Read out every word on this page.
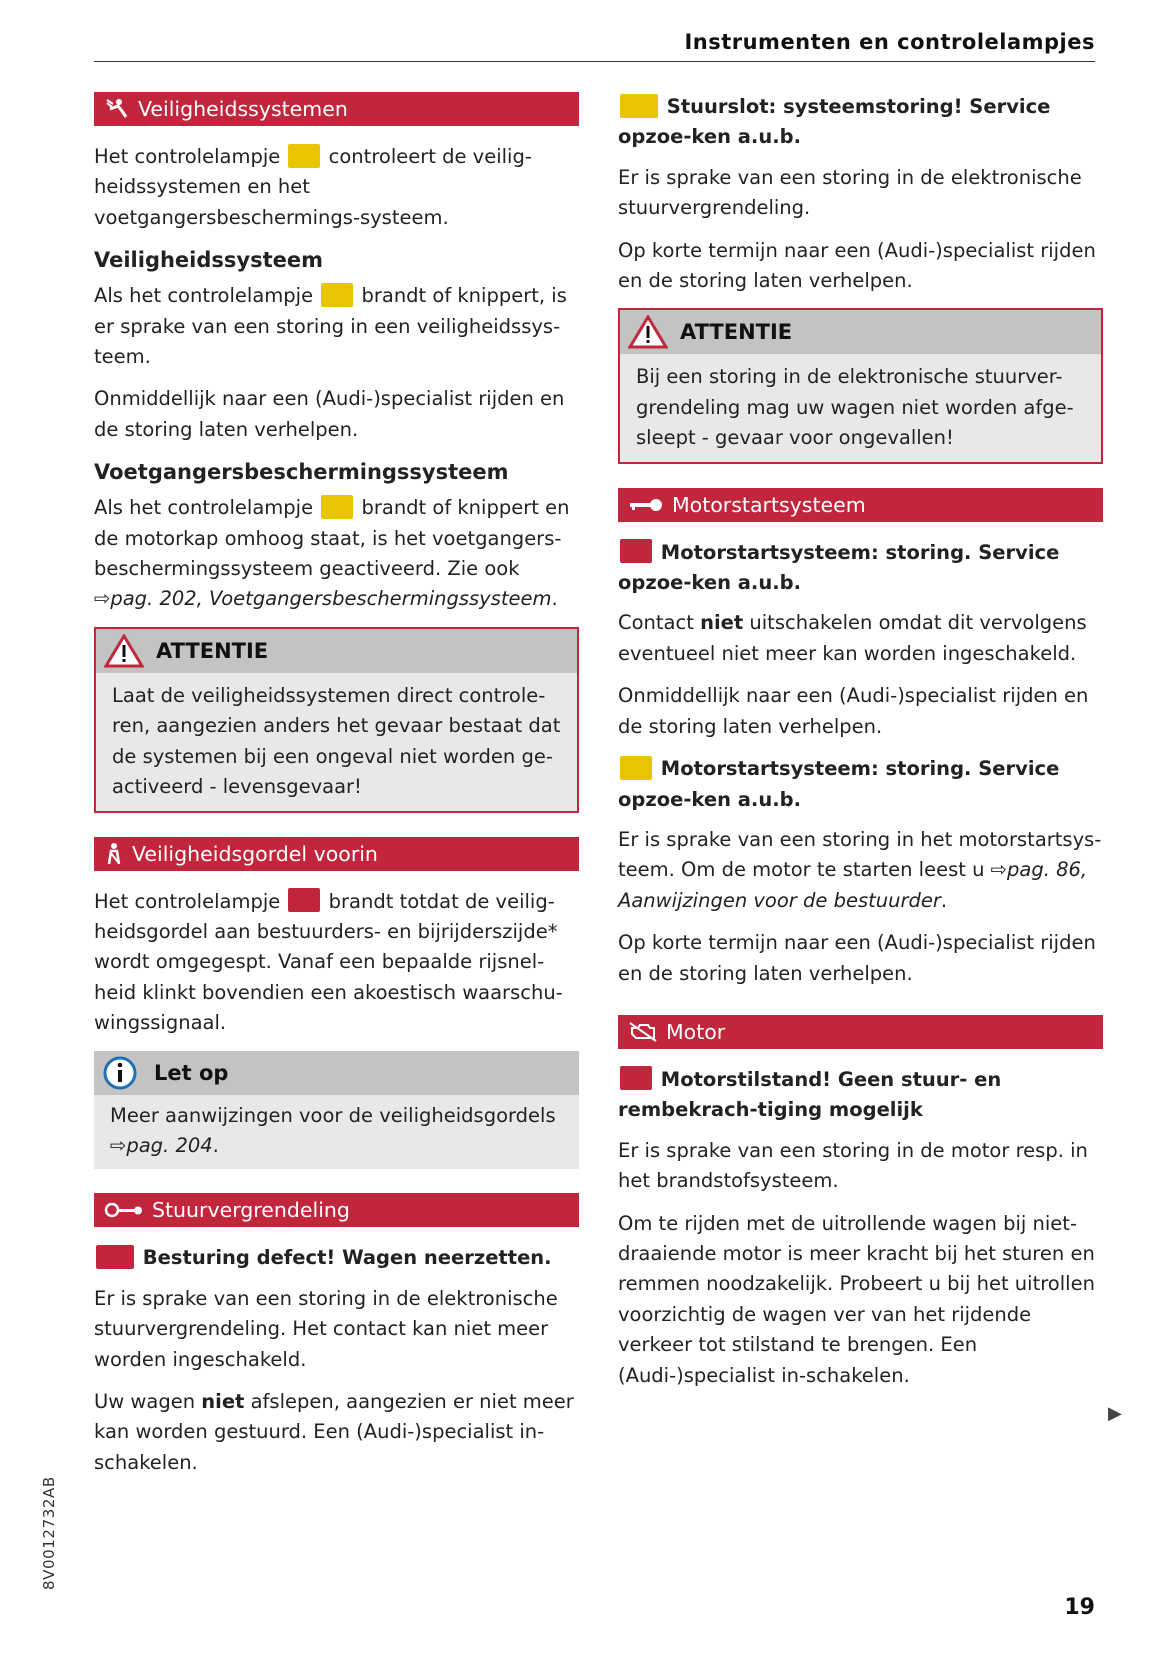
Instrumenten en controlelampjes
Veiligheidssystemen

Het controlelampje controleert de veilig-heidssystemen en het voetgangersbeschermings-systeem.

Veiligheidssysteem

Als het controlelampje brandt of knippert, is er sprake van een storing in een veiligheidssys-teem.

Onmiddellijk naar een (Audi-)specialist rijden en de storing laten verhelpen.

Voetgangersbeschermingssysteem

Als het controlelampje brandt of knippert en de motorkap omhoog staat, is het voetgangers-beschermingssysteem geactiveerd. Zie ook ⇨pag. 202, Voetgangersbeschermingssysteem.

ATTENTIE
Laat de veiligheidssystemen direct controle-ren, aangezien anders het gevaar bestaat dat de systemen bij een ongeval niet worden ge-activeerd - levensgevaar!
Veiligheidsgordel voorin

Het controlelampje brandt totdat de veilig-heidsgordel aan bestuurders- en bijrijderszijde* wordt omgegespt. Vanaf een bepaalde rijsnel-heid klinkt bovendien een akoestisch waarschu-wingssignaal.

Let op
Meer aanwijzingen voor de veiligheidsgordels
⇨pag. 204.
Stuurvergrendeling
Besturing defect! Wagen neerzetten.

Er is sprake van een storing in de elektronische stuurvergrendeling. Het contact kan niet meer worden ingeschakeld.

Uw wagen niet afslepen, aangezien er niet meer kan worden gestuurd. Een (Audi-)specialist in-schakelen.

Stuurslot: systeemstoring! Service opzoe-ken a.u.b.

Er is sprake van een storing in de elektronische stuurvergrendeling.

Op korte termijn naar een (Audi-)specialist rijden en de storing laten verhelpen.

ATTENTIE
Bij een storing in de elektronische stuurver-grendeling mag uw wagen niet worden afge-sleept - gevaar voor ongevallen!
Motorstartsysteem
Motorstartsysteem: storing. Service opzoe-ken a.u.b.

Contact niet uitschakelen omdat dit vervolgens eventueel niet meer kan worden ingeschakeld.

Onmiddellijk naar een (Audi-)specialist rijden en de storing laten verhelpen.

Motorstartsysteem: storing. Service opzoe-ken a.u.b.

Er is sprake van een storing in het motorstartsys-teem. Om de motor te starten leest u ⇨pag. 86, Aanwijzingen voor de bestuurder.

Op korte termijn naar een (Audi-)specialist rijden en de storing laten verhelpen.

Motor
Motorstilstand! Geen stuur- en rembekrach-tiging mogelijk

Er is sprake van een storing in de motor resp. in het brandstofsysteem.

Om te rijden met de uitrollende wagen bij niet-draaiende motor is meer kracht bij het sturen en remmen noodzakelijk. Probeert u bij het uitrollen voorzichtig de wagen ver van het rijdende verkeer tot stilstand te brengen. Een (Audi-)specialist in-schakelen.

▶
8V0012732AB
19
